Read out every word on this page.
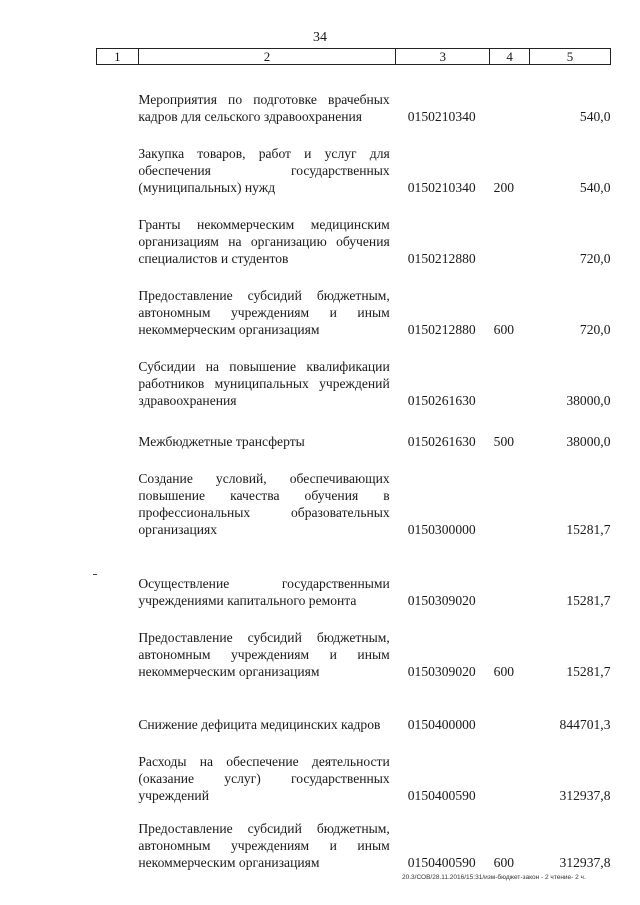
34
1	2	3	4	5
	Мероприятия по подготовке врачебных кадров для сельского здравоохранения	0150210340		540,0
	Закупка товаров, работ и услуг для обеспечения государственных (муниципальных) нужд	0150210340	200	540,0
	Гранты некоммерческим медицинским организациям на организацию обучения специалистов и студентов	0150212880		720,0
	Предоставление субсидий бюджетным, автономным учреждениям и иным некоммерческим организациям	0150212880	600	720,0
	Субсидии на повышение квалификации работников муниципальных учреждений здравоохранения	0150261630		38000,0
	Межбюджетные трансферты	0150261630	500	38000,0
	Создание условий, обеспечивающих повышение качества обучения в профессиональных образовательных организациях	0150300000		15281,7
	Осуществление государственными учреждениями капитального ремонта	0150309020		15281,7
	Предоставление субсидий бюджетным, автономным учреждениям и иным некоммерческим организациям	0150309020	600	15281,7
	Снижение дефицита медицинских кадров	0150400000		844701,3
	Расходы на обеспечение деятельности (оказание услуг) государственных учреждений	0150400590		312937,8
	Предоставление субсидий бюджетным, автономным учреждениям и иным некоммерческим организациям	0150400590	600	312937,8
20.3/СОВ/28.11.2016/15:31/изм-бюджет-закон - 2 чтение- 2 ч.
